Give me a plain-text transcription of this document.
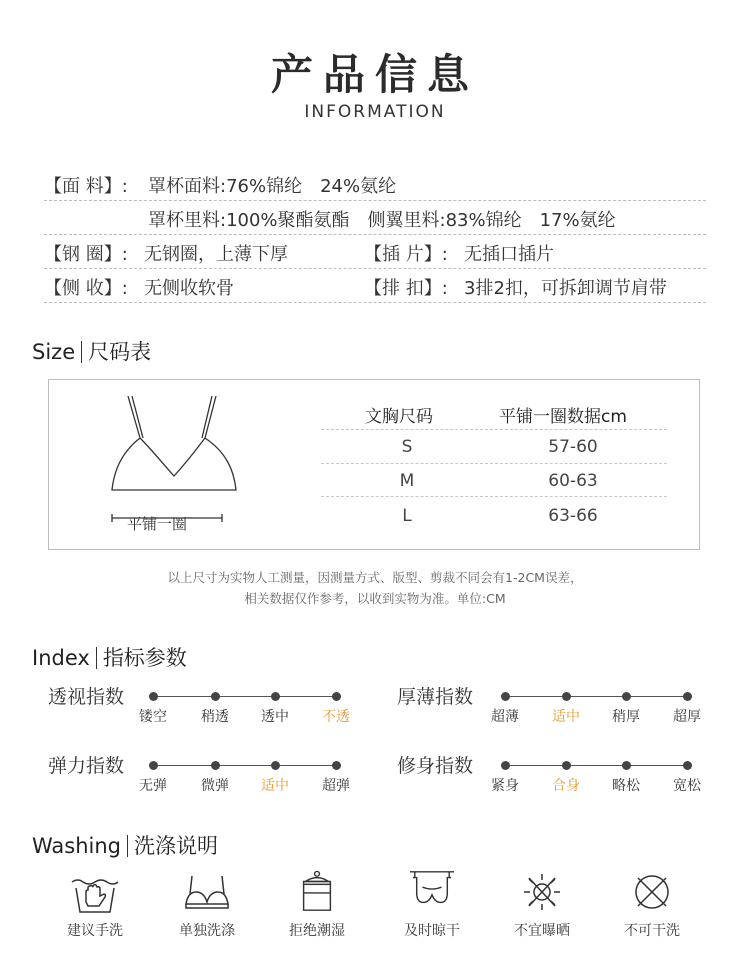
产品信息
INFORMATION
【面 料】: 罩杯面料:76%锦纶　24%氨纶
罩杯里料:100%聚酯氨酯　侧翼里料:83%锦纶　17%氨纶
【钢 圈】: 无钢圈，上薄下厚	【插 片】: 无插口插片
【侧 收】: 无侧收软骨	【排 扣】: 3排2扣，可拆卸调节肩带
Size 尺码表
平铺一圈
文胸尺码	平铺一圈数据cm
S	57-60
M	60-63
L	63-66
以上尺寸为实物人工测量，因测量方式、版型、剪裁不同会有1-2CM误差，
相关数据仅作参考，以收到实物为准。单位:CM
Index 指标参数
透视指数
镂空	稍透	透中	不透
厚薄指数
超薄	适中	稍厚	超厚
弹力指数
无弹	微弹	适中	超弹
修身指数
紧身	合身	略松	宽松
Washing 洗涤说明
建议手洗	单独洗涤	拒绝潮湿	及时晾干	不宜曝晒	不可干洗
